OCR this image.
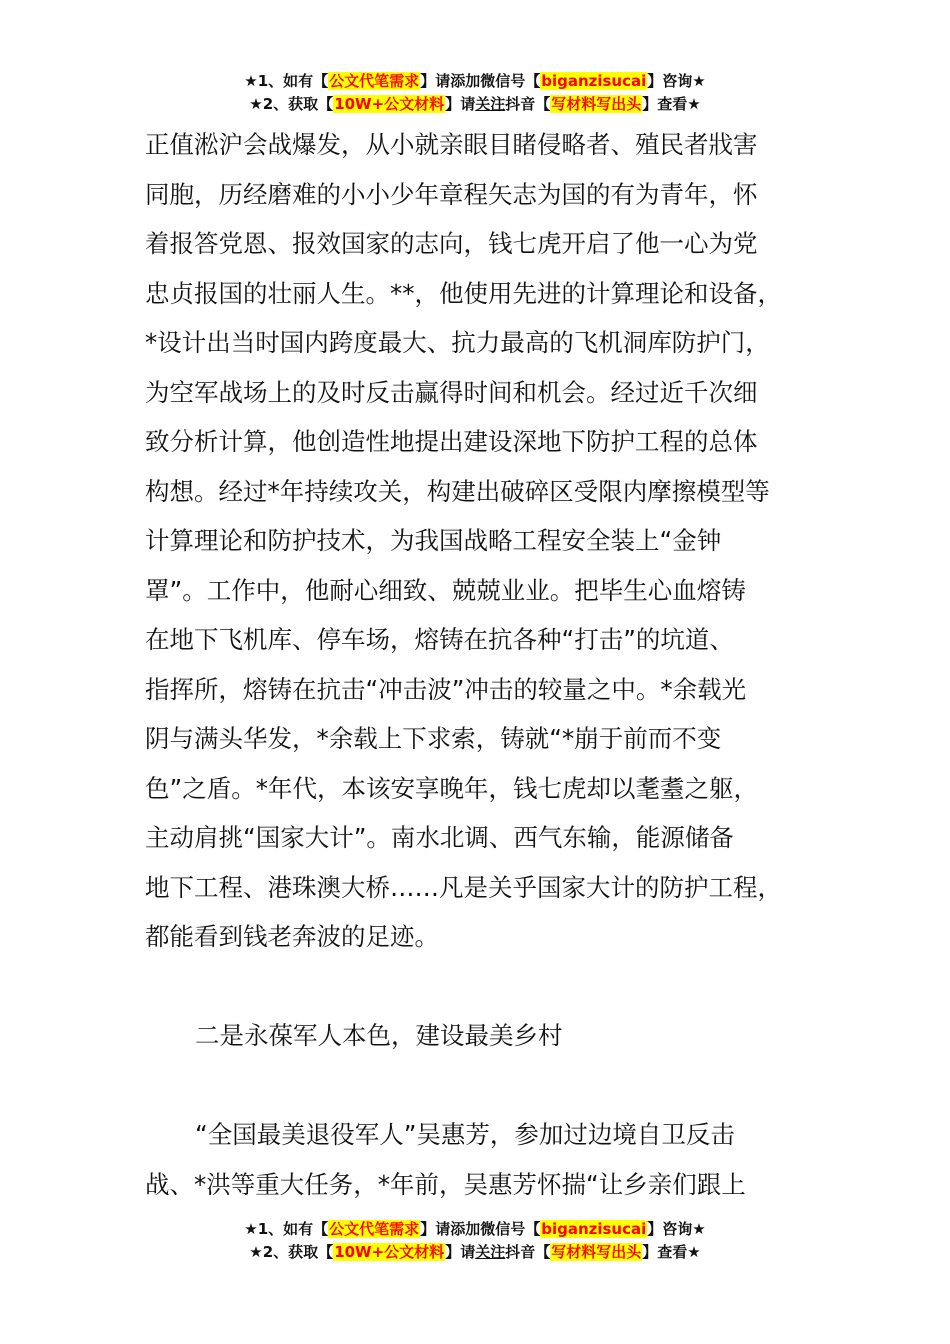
★1、如有【公文代笔需求】请添加微信号【biganzisucai】咨询★
★2、获取【10W+公文材料】请关注抖音【写材料写出头】查看★
正值淞沪会战爆发，从小就亲眼目睹侵略者、殖民者戕害
同胞，历经磨难的小小少年章程矢志为国的有为青年，怀
着报答党恩、报效国家的志向，钱七虎开启了他一心为党
忠贞报国的壮丽人生。**，他使用先进的计算理论和设备，
*设计出当时国内跨度最大、抗力最高的飞机洞库防护门，
为空军战场上的及时反击赢得时间和机会。经过近千次细
致分析计算，他创造性地提出建设深地下防护工程的总体
构想。经过*年持续攻关，构建出破碎区受限内摩擦模型等
计算理论和防护技术，为我国战略工程安全装上“金钟
罩”。工作中，他耐心细致、兢兢业业。把毕生心血熔铸
在地下飞机库、停车场，熔铸在抗各种“打击”的坑道、
指挥所，熔铸在抗击“冲击波”冲击的较量之中。*余载光
阴与满头华发，*余载上下求索，铸就“*崩于前而不变
色”之盾。*年代，本该安享晚年，钱七虎却以耄耋之躯，
主动肩挑“国家大计”。南水北调、西气东输，能源储备
地下工程、港珠澳大桥……凡是关乎国家大计的防护工程，
都能看到钱老奔波的足迹。
二是永葆军人本色，建设最美乡村
“全国最美退役军人”吴惠芳，参加过边境自卫反击
战、*洪等重大任务，*年前，吴惠芳怀揣“让乡亲们跟上
★1、如有【公文代笔需求】请添加微信号【biganzisucai】咨询★
★2、获取【10W+公文材料】请关注抖音【写材料写出头】查看★
